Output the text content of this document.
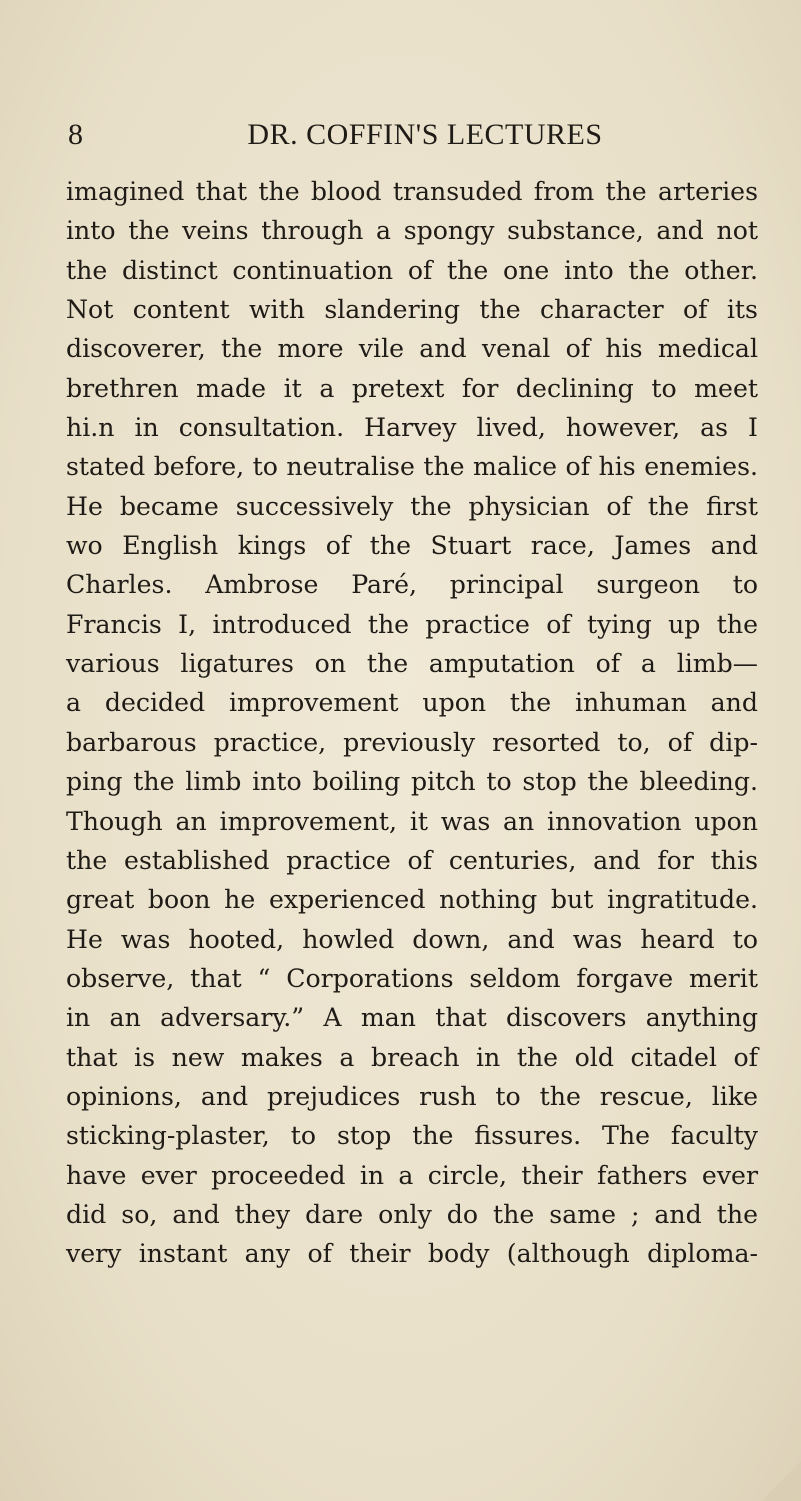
8	DR. COFFIN'S LECTURES
imagined that the blood transuded from the arteries
into the veins through a spongy substance, and not
the distinct continuation of the one into the other.
Not content with slandering the character of its
discoverer, the more vile and venal of his medical
brethren made it a pretext for declining to meet
hi.n in consultation. Harvey lived, however, as I
stated before, to neutralise the malice of his enemies.
He became successively the physician of the first
wo English kings of the Stuart race, James and
Charles. Ambrose Paré, principal surgeon to
Francis I, introduced the practice of tying up the
various ligatures on the amputation of a limb—
a decided improvement upon the inhuman and
barbarous practice, previously resorted to, of dip-
ping the limb into boiling pitch to stop the bleeding.
Though an improvement, it was an innovation upon
the established practice of centuries, and for this
great boon he experienced nothing but ingratitude.
He was hooted, howled down, and was heard to
observe, that “ Corporations seldom forgave merit
in an adversary.” A man that discovers anything
that is new makes a breach in the old citadel of
opinions, and prejudices rush to the rescue, like
sticking-plaster, to stop the fissures. The faculty
have ever proceeded in a circle, their fathers ever
did so, and they dare only do the same ; and the
very instant any of their body (although diploma-
